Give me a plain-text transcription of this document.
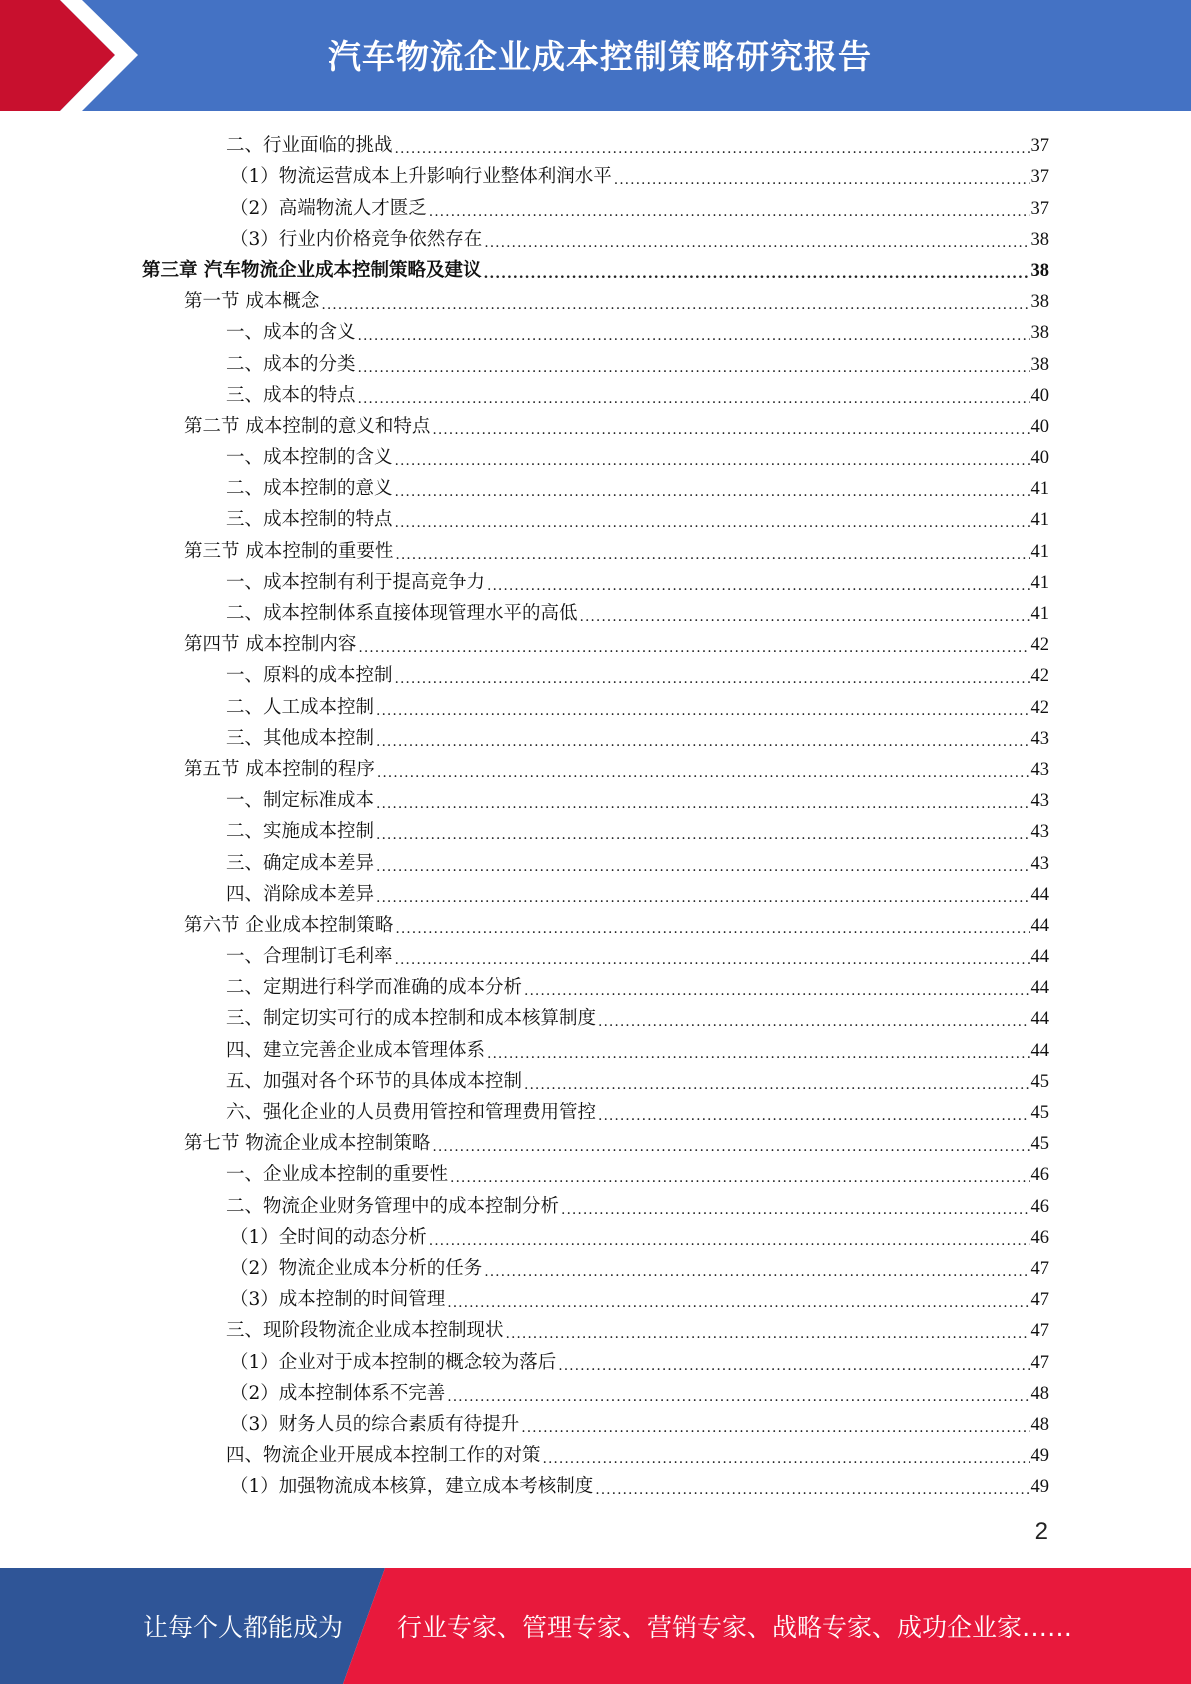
汽车物流企业成本控制策略研究报告
二、行业面临的挑战 .....	37
（1）物流运营成本上升影响行业整体利润水平 .....	37
（2）高端物流人才匮乏 .....	37
（3）行业内价格竞争依然存在 .....	38
第三章 汽车物流企业成本控制策略及建议 .....	38
第一节 成本概念 .....	38
一、成本的含义 .....	38
二、成本的分类 .....	38
三、成本的特点 .....	40
第二节 成本控制的意义和特点 .....	40
一、成本控制的含义 .....	40
二、成本控制的意义 .....	41
三、成本控制的特点 .....	41
第三节 成本控制的重要性 .....	41
一、成本控制有利于提高竞争力 .....	41
二、成本控制体系直接体现管理水平的高低 .....	41
第四节 成本控制内容 .....	42
一、原料的成本控制 .....	42
二、人工成本控制 .....	42
三、其他成本控制 .....	43
第五节 成本控制的程序 .....	43
一、制定标准成本 .....	43
二、实施成本控制 .....	43
三、确定成本差异 .....	43
四、消除成本差异 .....	44
第六节 企业成本控制策略 .....	44
一、合理制订毛利率 .....	44
二、定期进行科学而准确的成本分析 .....	44
三、制定切实可行的成本控制和成本核算制度 .....	44
四、建立完善企业成本管理体系 .....	44
五、加强对各个环节的具体成本控制 .....	45
六、强化企业的人员费用管控和管理费用管控 .....	45
第七节 物流企业成本控制策略 .....	45
一、企业成本控制的重要性 .....	46
二、物流企业财务管理中的成本控制分析 .....	46
（1）全时间的动态分析 .....	46
（2）物流企业成本分析的任务 .....	47
（3）成本控制的时间管理 .....	47
三、现阶段物流企业成本控制现状 .....	47
（1）企业对于成本控制的概念较为落后 .....	47
（2）成本控制体系不完善 .....	48
（3）财务人员的综合素质有待提升 .....	48
四、物流企业开展成本控制工作的对策 .....	49
（1）加强物流成本核算，建立成本考核制度 .....	49
2
让每个人都能成为 行业专家、管理专家、营销专家、战略专家、成功企业家……
